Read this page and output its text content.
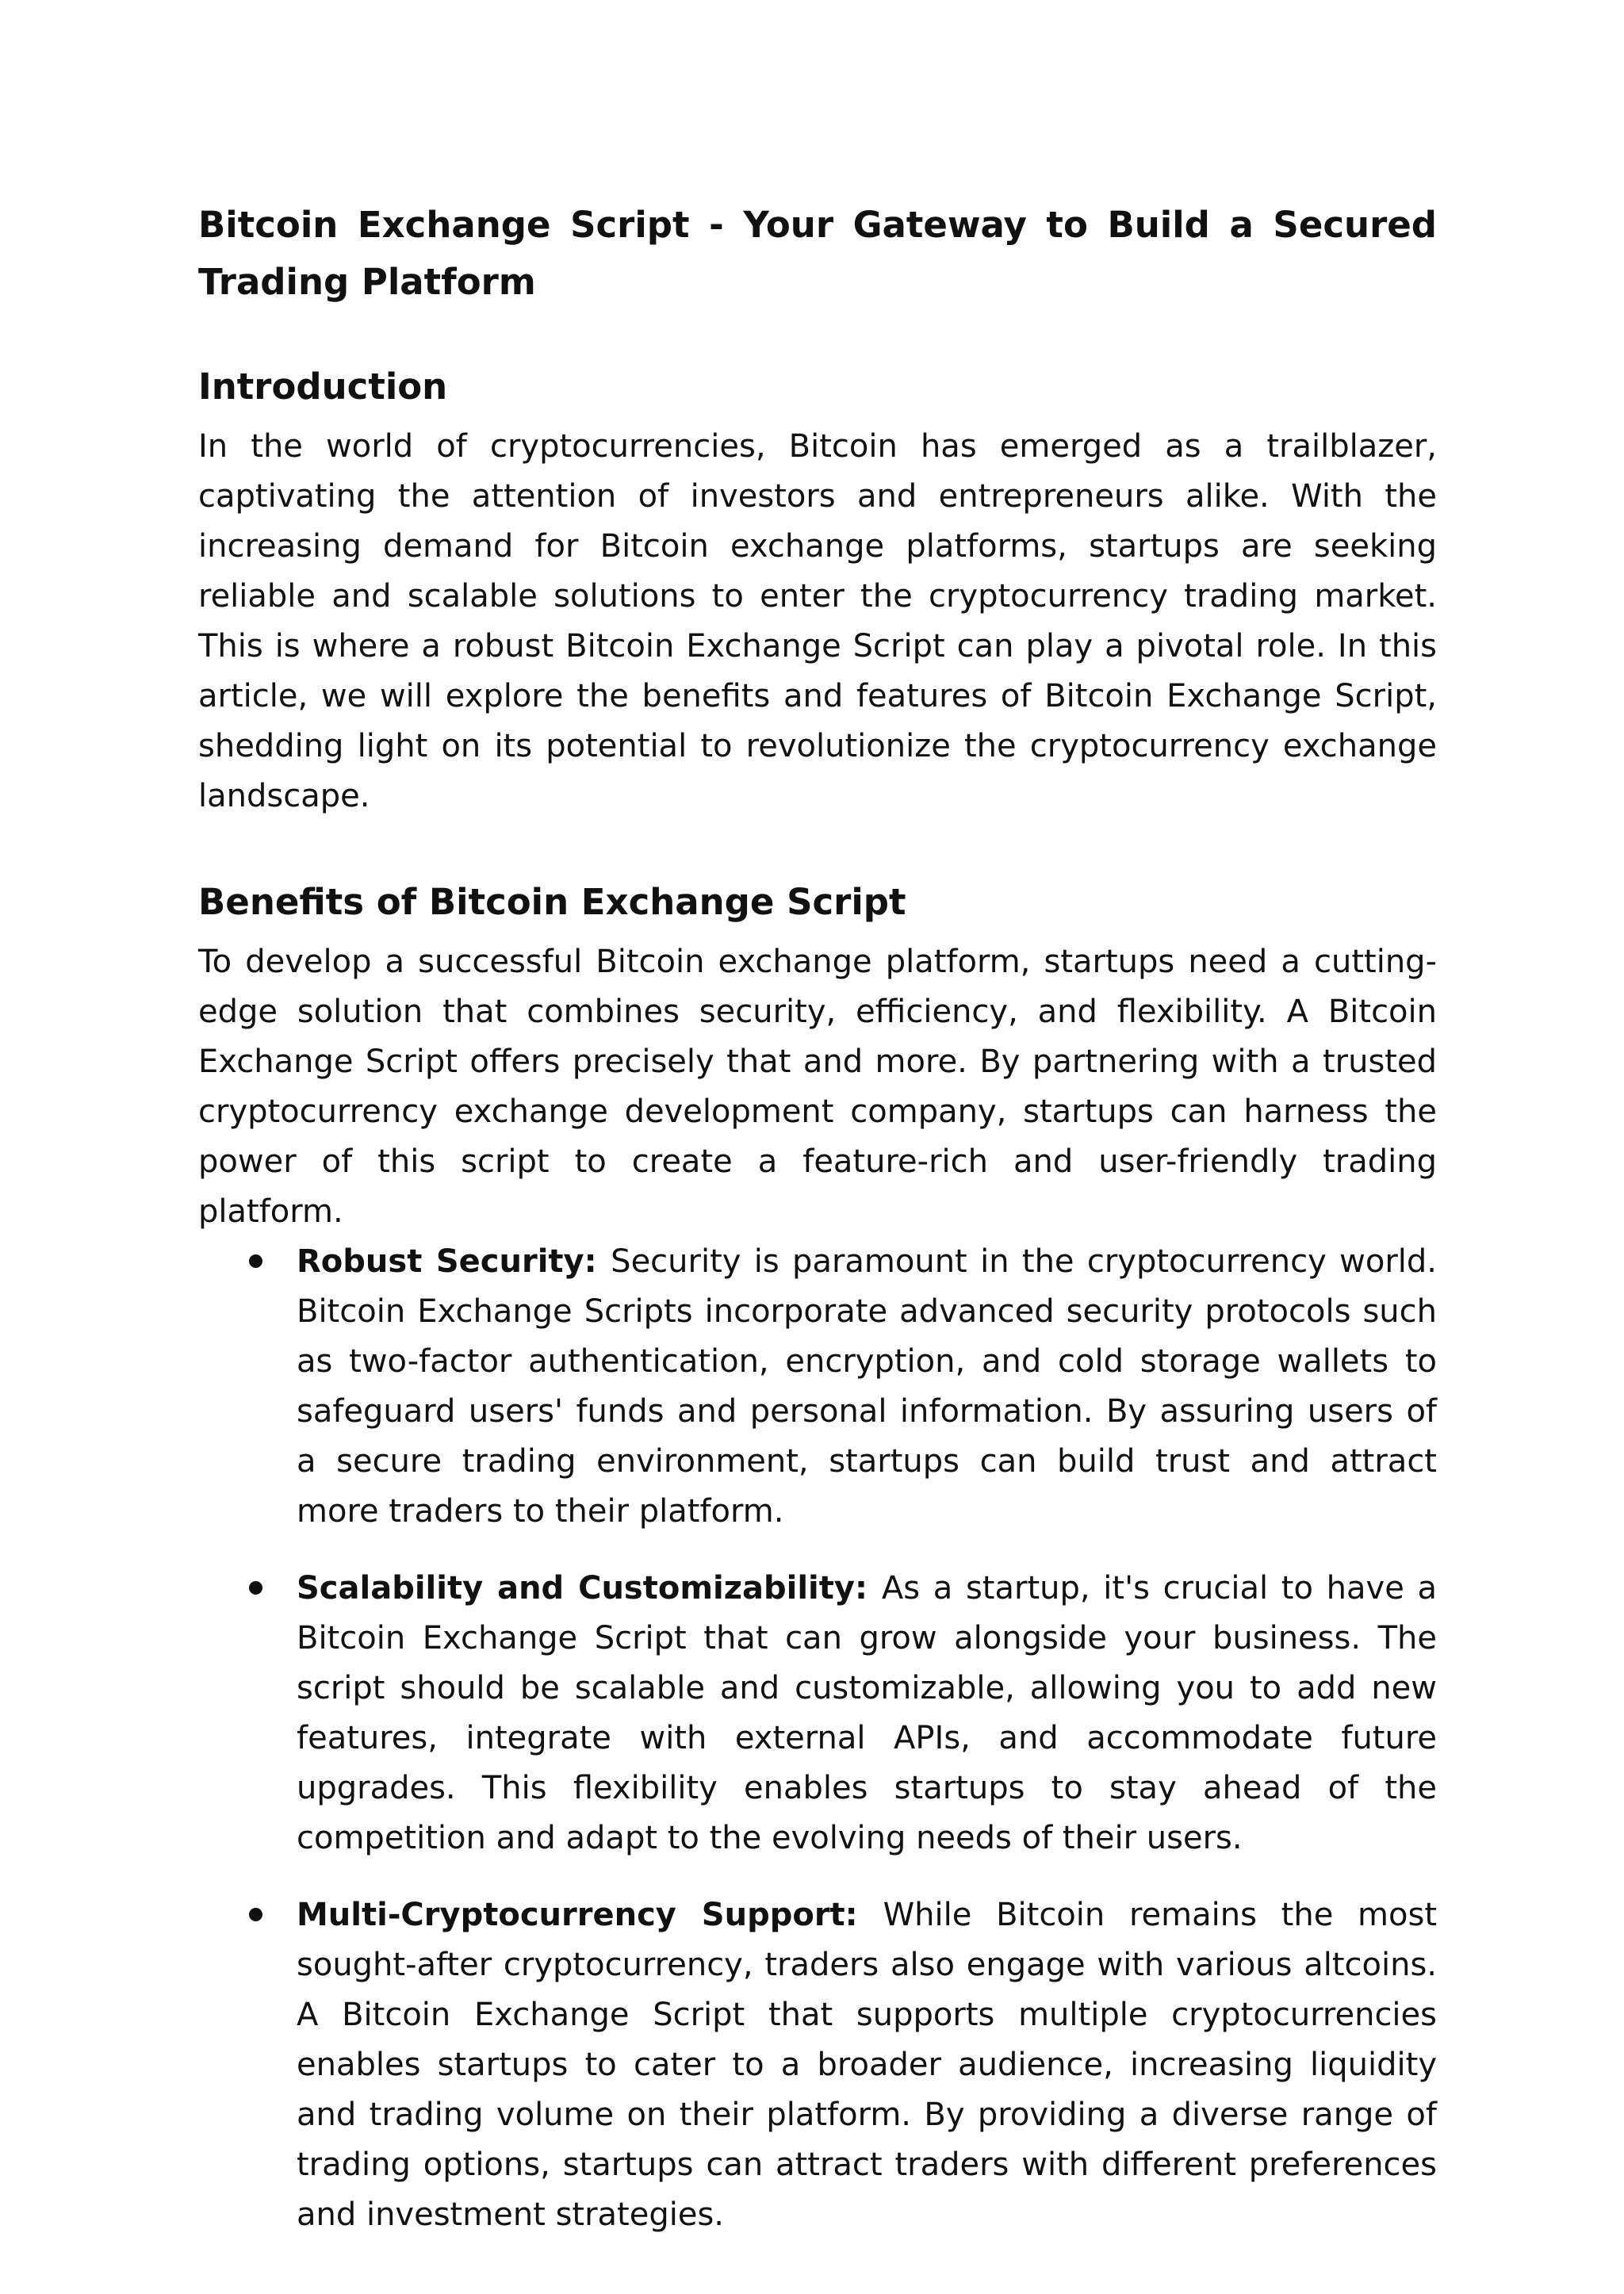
Bitcoin Exchange Script - Your Gateway to Build a Secured Trading Platform
Introduction

In the world of cryptocurrencies, Bitcoin has emerged as a trailblazer, captivating the attention of investors and entrepreneurs alike. With the increasing demand for Bitcoin exchange platforms, startups are seeking reliable and scalable solutions to enter the cryptocurrency trading market. This is where a robust Bitcoin Exchange Script can play a pivotal role. In this article, we will explore the benefits and features of Bitcoin Exchange Script, shedding light on its potential to revolutionize the cryptocurrency exchange landscape.

Benefits of Bitcoin Exchange Script

To develop a successful Bitcoin exchange platform, startups need a cutting-edge solution that combines security, efficiency, and flexibility. A Bitcoin Exchange Script offers precisely that and more. By partnering with a trusted cryptocurrency exchange development company, startups can harness the power of this script to create a feature-rich and user-friendly trading platform.

Robust Security: Security is paramount in the cryptocurrency world. Bitcoin Exchange Scripts incorporate advanced security protocols such as two-factor authentication, encryption, and cold storage wallets to safeguard users' funds and personal information. By assuring users of a secure trading environment, startups can build trust and attract more traders to their platform.
Scalability and Customizability: As a startup, it's crucial to have a Bitcoin Exchange Script that can grow alongside your business. The script should be scalable and customizable, allowing you to add new features, integrate with external APIs, and accommodate future upgrades. This flexibility enables startups to stay ahead of the competition and adapt to the evolving needs of their users.
Multi-Cryptocurrency Support: While Bitcoin remains the most sought-after cryptocurrency, traders also engage with various altcoins. A Bitcoin Exchange Script that supports multiple cryptocurrencies enables startups to cater to a broader audience, increasing liquidity and trading volume on their platform. By providing a diverse range of trading options, startups can attract traders with different preferences and investment strategies.
